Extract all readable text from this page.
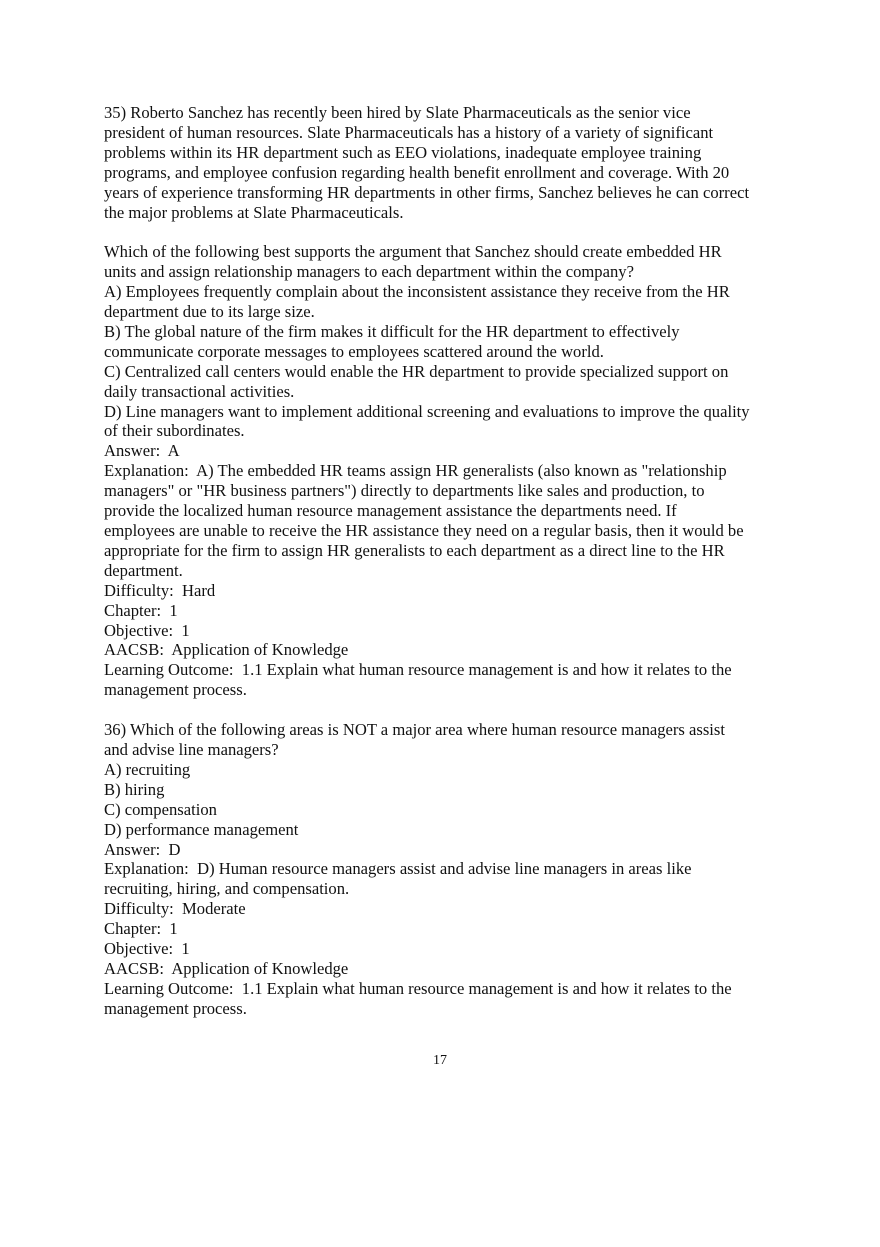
35) Roberto Sanchez has recently been hired by Slate Pharmaceuticals as the senior vice
president of human resources. Slate Pharmaceuticals has a history of a variety of significant
problems within its HR department such as EEO violations, inadequate employee training
programs, and employee confusion regarding health benefit enrollment and coverage. With 20
years of experience transforming HR departments in other firms, Sanchez believes he can correct
the major problems at Slate Pharmaceuticals.
Which of the following best supports the argument that Sanchez should create embedded HR
units and assign relationship managers to each department within the company?
A) Employees frequently complain about the inconsistent assistance they receive from the HR
department due to its large size.
B) The global nature of the firm makes it difficult for the HR department to effectively
communicate corporate messages to employees scattered around the world.
C) Centralized call centers would enable the HR department to provide specialized support on
daily transactional activities.
D) Line managers want to implement additional screening and evaluations to improve the quality
of their subordinates.
Answer:  A
Explanation:  A) The embedded HR teams assign HR generalists (also known as "relationship
managers" or "HR business partners") directly to departments like sales and production, to
provide the localized human resource management assistance the departments need. If
employees are unable to receive the HR assistance they need on a regular basis, then it would be
appropriate for the firm to assign HR generalists to each department as a direct line to the HR
department.
Difficulty:  Hard
Chapter:  1
Objective:  1
AACSB:  Application of Knowledge
Learning Outcome:  1.1 Explain what human resource management is and how it relates to the
management process.
36) Which of the following areas is NOT a major area where human resource managers assist
and advise line managers?
A) recruiting
B) hiring
C) compensation
D) performance management
Answer:  D
Explanation:  D) Human resource managers assist and advise line managers in areas like
recruiting, hiring, and compensation.
Difficulty:  Moderate
Chapter:  1
Objective:  1
AACSB:  Application of Knowledge
Learning Outcome:  1.1 Explain what human resource management is and how it relates to the
management process.
17
